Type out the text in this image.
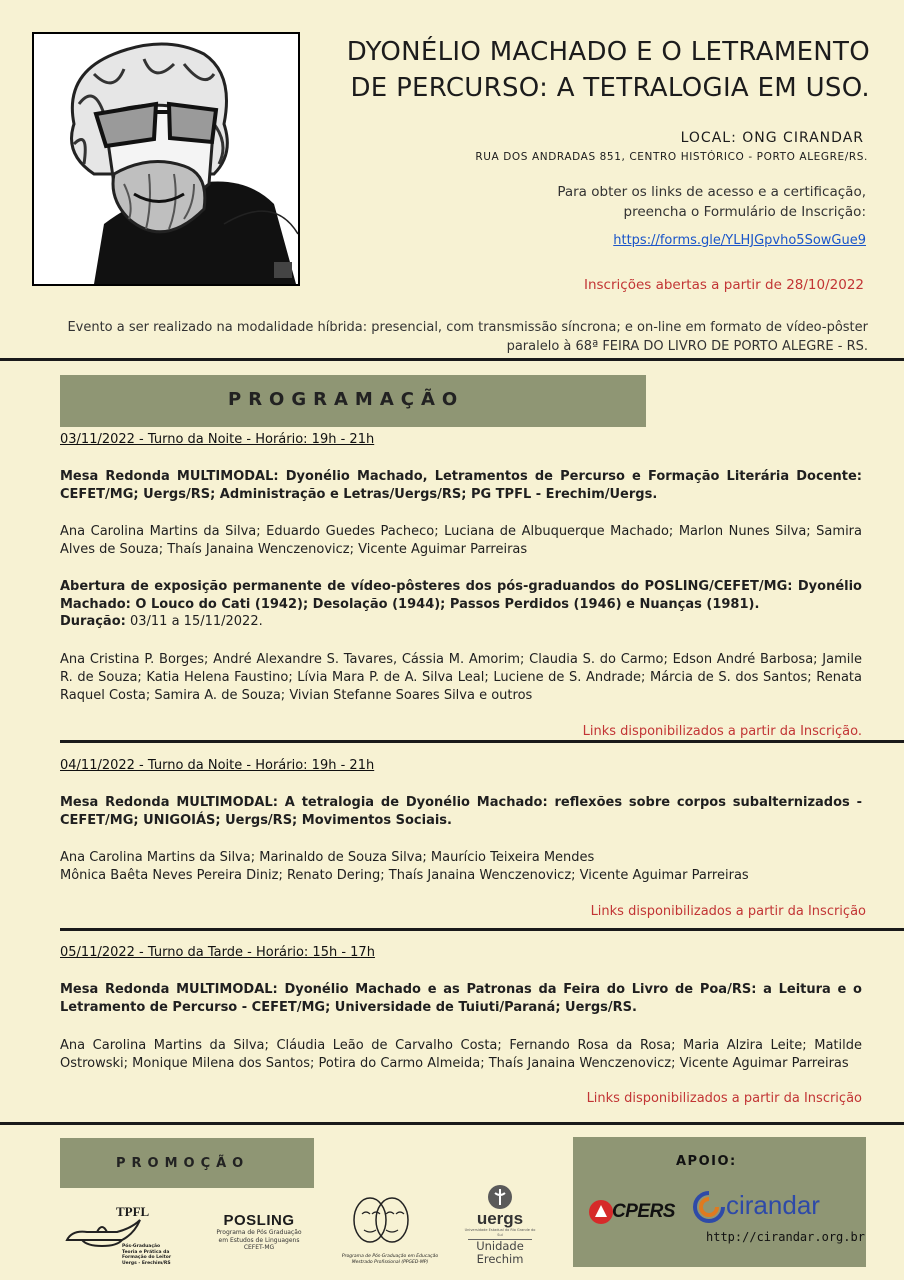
DYONÉLIO MACHADO E O LETRAMENTO
DE PERCURSO: A TETRALOGIA EM USO.
LOCAL: ONG CIRANDAR
RUA DOS ANDRADAS 851, CENTRO HISTÓRICO - PORTO ALEGRE/RS.
Para obter os links de acesso e a certificação,
preencha o Formulário de Inscrição:
https://forms.gle/YLHJGpvho5SowGue9
Inscrições abertas a partir de 28/10/2022
Evento a ser realizado na modalidade híbrida: presencial, com transmissão síncrona; e on-line em formato de vídeo-pôster
paralelo à 68ª FEIRA DO LIVRO DE PORTO ALEGRE - RS.
PROGRAMAÇÃO
03/11/2022 - Turno da Noite - Horário: 19h - 21h
Mesa Redonda MULTIMODAL: Dyonélio Machado, Letramentos de Percurso e Formação Literária Docente: CEFET/MG; Uergs/RS; Administração e Letras/Uergs/RS; PG TPFL - Erechim/Uergs.
Ana Carolina Martins da Silva; Eduardo Guedes Pacheco; Luciana de Albuquerque Machado; Marlon Nunes Silva; Samira Alves de Souza; Thaís Janaina Wenczenovicz; Vicente Aguimar Parreiras
Abertura de exposição permanente de vídeo-pôsteres dos pós-graduandos do POSLING/CEFET/MG: Dyonélio Machado: O Louco do Cati (1942); Desolação (1944); Passos Perdidos (1946) e Nuanças (1981).
Duração: 03/11 a 15/11/2022.
Ana Cristina P. Borges; André Alexandre S. Tavares, Cássia M. Amorim; Claudia S. do Carmo; Edson André Barbosa; Jamile R. de Souza; Katia Helena Faustino; Lívia Mara P. de A. Silva Leal; Luciene de S. Andrade; Márcia de S. dos Santos; Renata Raquel Costa; Samira A. de Souza; Vivian Stefanne Soares Silva e outros
Links disponibilizados a partir da Inscrição.
04/11/2022 - Turno da Noite - Horário: 19h - 21h
Mesa Redonda MULTIMODAL: A tetralogia de Dyonélio Machado: reflexões sobre corpos subalternizados - CEFET/MG; UNIGOIÁS; Uergs/RS; Movimentos Sociais.
Ana Carolina Martins da Silva; Marinaldo de Souza Silva; Maurício Teixeira Mendes
Mônica Baêta Neves Pereira Diniz; Renato Dering; Thaís Janaina Wenczenovicz; Vicente Aguimar Parreiras
Links disponibilizados a partir da Inscrição
05/11/2022 - Turno da Tarde - Horário: 15h - 17h
Mesa Redonda MULTIMODAL: Dyonélio Machado e as Patronas da Feira do Livro de Poa/RS: a Leitura e o Letramento de Percurso - CEFET/MG; Universidade de Tuiuti/Paraná; Uergs/RS.
Ana Carolina Martins da Silva; Cláudia Leão de Carvalho Costa; Fernando Rosa da Rosa; Maria Alzira Leite; Matilde Ostrowski; Monique Milena dos Santos; Potira do Carmo Almeida; Thaís Janaina Wenczenovicz; Vicente Aguimar Parreiras
Links disponibilizados a partir da Inscrição
PROMOÇÃO
TPFL
Pós-Graduação
Teoria e Prática da Formação do Leitor
Uergs - Erechim/RS
POSLING
Programa de Pós Graduação
em Estudos de Linguagens
CEFET-MG
Programa de Pós-Graduação em Educação
Mestrado Profissional (PPGED-MP)
uergs
Universidade Estadual do Rio Grande do Sul
Unidade
Erechim
APOIO:
CPERS cirandar
http://cirandar.org.br
